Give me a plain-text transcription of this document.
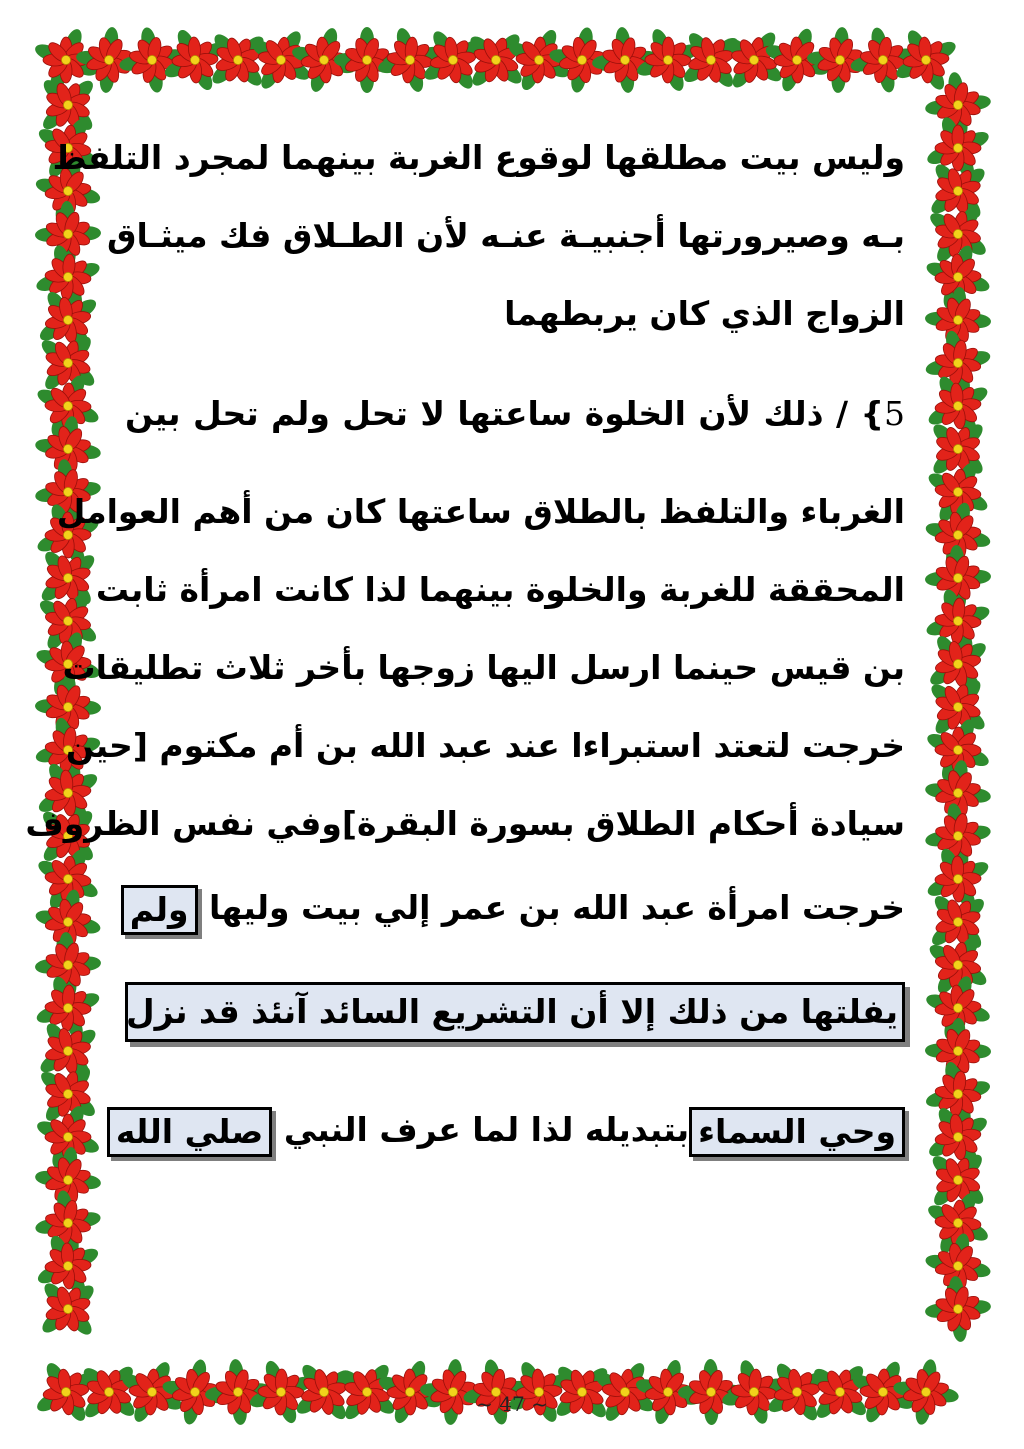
وليس بيت مطلقها لوقوع الغربة بينهما لمجرد التلفظ
بـه وصيرورتها أجنبيـة عنـه لأن الطـلاق فك ميثـاق
الزواج الذي كان يربطهما
5} / ذلك لأن الخلوة ساعتها لا تحل ولم تحل بين
الغرباء والتلفظ بالطلاق ساعتها كان من أهم العوامل
المحققة للغربة والخلوة بينهما لذا كانت امرأة ثابت
بن قيس حينما ارسل اليها زوجها بأخر ثلاث تطليقات
خرجت لتعتد استبراءا عند عبد الله بن أم مكتوم [حين
سيادة أحكام الطلاق بسورة البقرة]وفي نفس الظروف
خرجت امرأة عبد الله بن عمر إلي بيت وليها ولم
يفلتها من ذلك إلا أن التشريع السائد آنئذ قد نزل
وحي السماءبتبديله لذا لما عرف النبي صلي الله
~ 47 ~
